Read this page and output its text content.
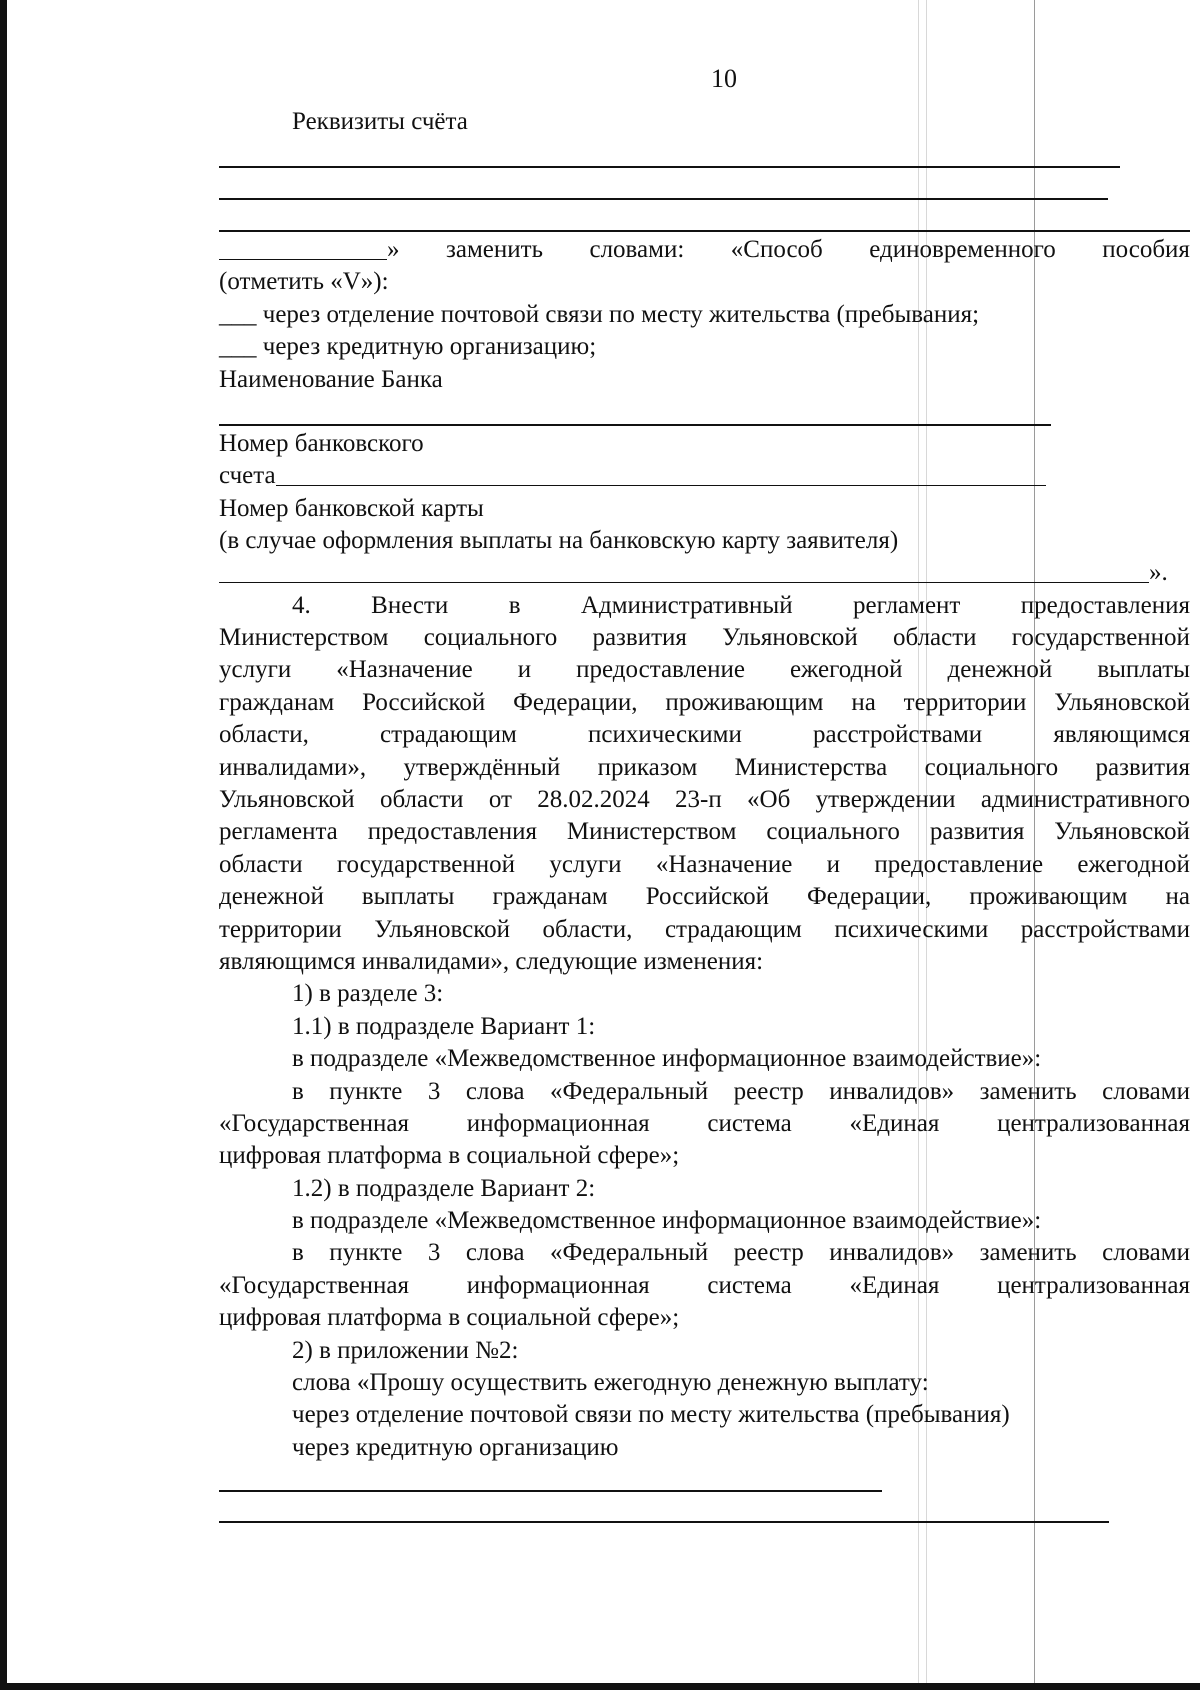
10
Реквизиты счёта
» заменить словами: «Способ единовременного пособия
(отметить «V»):
___ через отделение почтовой связи по месту жительства (пребывания;
___ через кредитную организацию;
Наименование Банка
Номер банковского
счета
Номер банковской карты
(в случае оформления выплаты на банковскую карту заявителя)
».
4. Внести в Административный регламент предоставления
Министерством социального развития Ульяновской области государственной
услуги «Назначение и предоставление ежегодной денежной выплаты
гражданам Российской Федерации, проживающим на территории Ульяновской
области,	страдающим	психическими	расстройствами	являющимся
инвалидами», утверждённый приказом Министерства социального развития
Ульяновской области от 28.02.2024 23-п «Об утверждении административного
регламента предоставления Министерством социального развития Ульяновской
области государственной услуги «Назначение и предоставление ежегодной
денежной выплаты гражданам Российской Федерации, проживающим на
территории Ульяновской области, страдающим психическими расстройствами
являющимся инвалидами», следующие изменения:
1) в разделе 3:
1.1) в подразделе Вариант 1:
в подразделе «Межведомственное информационное взаимодействие»:
в пункте 3 слова «Федеральный реестр инвалидов» заменить словами
«Государственная информационная система «Единая централизованная
цифровая платформа в социальной сфере»;
1.2) в подразделе Вариант 2:
в подразделе «Межведомственное информационное взаимодействие»:
в пункте 3 слова «Федеральный реестр инвалидов» заменить словами
«Государственная информационная система «Единая централизованная
цифровая платформа в социальной сфере»;
2) в приложении №2:
слова «Прошу осуществить ежегодную денежную выплату:
через отделение почтовой связи по месту жительства (пребывания)
через кредитную организацию
